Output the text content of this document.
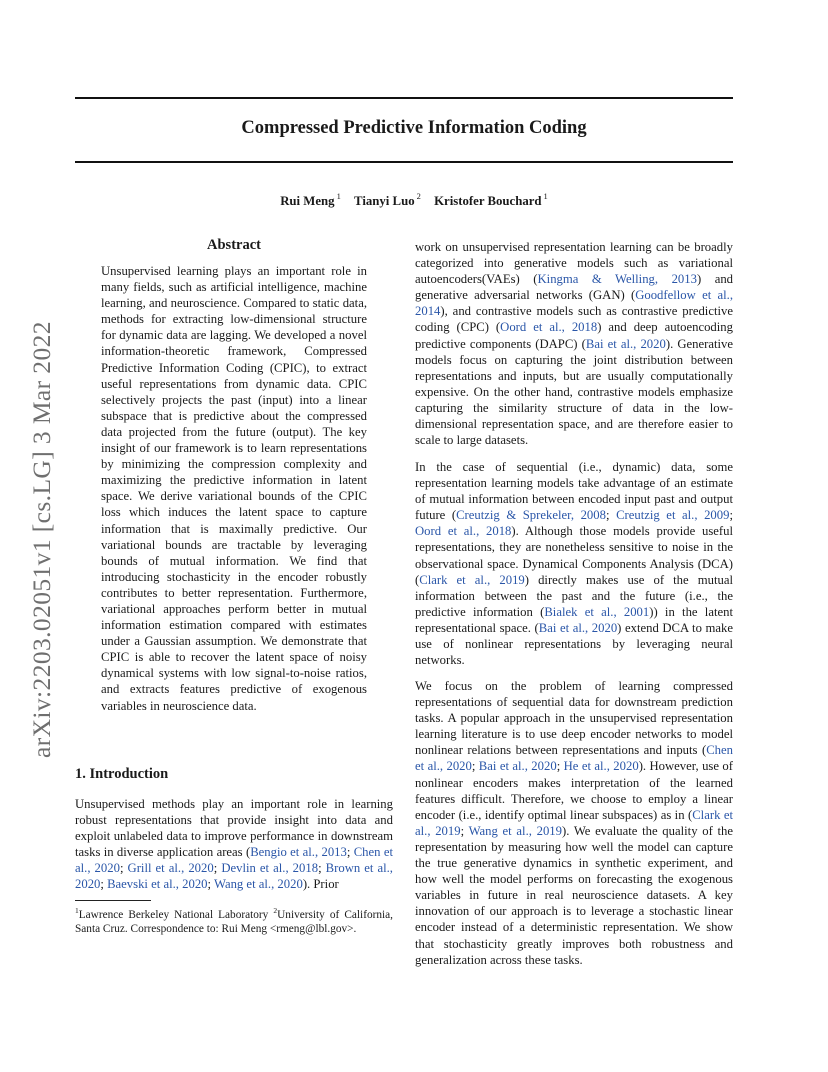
Compressed Predictive Information Coding
Rui Meng $^1$ Tianyi Luo $^2$ Kristofer Bouchard $^1$
arXiv:2203.02051v1 [cs.LG] 3 Mar 2022
Abstract
Unsupervised learning plays an important role in many fields, such as artificial intelligence, machine learning, and neuroscience. Compared to static data, methods for extracting low-dimensional structure for dynamic data are lagging. We developed a novel information-theoretic framework, Compressed Predictive Information Coding (CPIC), to extract useful representations from dynamic data. CPIC selectively projects the past (input) into a linear subspace that is predictive about the compressed data projected from the future (output). The key insight of our framework is to learn representations by minimizing the compression complexity and maximizing the predictive information in latent space. We derive variational bounds of the CPIC loss which induces the latent space to capture information that is maximally predictive. Our variational bounds are tractable by leveraging bounds of mutual information. We find that introducing stochasticity in the encoder robustly contributes to better representation. Furthermore, variational approaches perform better in mutual information estimation compared with estimates under a Gaussian assumption. We demonstrate that CPIC is able to recover the latent space of noisy dynamical systems with low signal-to-noise ratios, and extracts features predictive of exogenous variables in neuroscience data.
1. Introduction
Unsupervised methods play an important role in learning robust representations that provide insight into data and exploit unlabeled data to improve performance in downstream tasks in diverse application areas (Bengio et al., 2013; Chen et al., 2020; Grill et al., 2020; Devlin et al., 2018; Brown et al., 2020; Baevski et al., 2020; Wang et al., 2020). Prior
$^1$Lawrence Berkeley National Laboratory $^2$University of California, Santa Cruz. Correspondence to: Rui Meng <rmeng@lbl.gov>.
work on unsupervised representation learning can be broadly categorized into generative models such as variational autoencoders(VAEs) (Kingma & Welling, 2013) and generative adversarial networks (GAN) (Goodfellow et al., 2014), and contrastive models such as contrastive predictive coding (CPC) (Oord et al., 2018) and deep autoencoding predictive components (DAPC) (Bai et al., 2020). Generative models focus on capturing the joint distribution between representations and inputs, but are usually computationally expensive. On the other hand, contrastive models emphasize capturing the similarity structure of data in the low-dimensional representation space, and are therefore easier to scale to large datasets.
In the case of sequential (i.e., dynamic) data, some representation learning models take advantage of an estimate of mutual information between encoded input past and output future (Creutzig & Sprekeler, 2008; Creutzig et al., 2009; Oord et al., 2018). Although those models provide useful representations, they are nonetheless sensitive to noise in the observational space. Dynamical Components Analysis (DCA) (Clark et al., 2019) directly makes use of the mutual information between the past and the future (i.e., the predictive information (Bialek et al., 2001)) in the latent representational space. (Bai et al., 2020) extend DCA to make use of nonlinear representations by leveraging neural networks.
We focus on the problem of learning compressed representations of sequential data for downstream prediction tasks. A popular approach in the unsupervised representation learning literature is to use deep encoder networks to model nonlinear relations between representations and inputs (Chen et al., 2020; Bai et al., 2020; He et al., 2020). However, use of nonlinear encoders makes interpretation of the learned features difficult. Therefore, we choose to employ a linear encoder (i.e., identify optimal linear subspaces) as in (Clark et al., 2019; Wang et al., 2019). We evaluate the quality of the representation by measuring how well the model can capture the true generative dynamics in synthetic experiment, and how well the model performs on forecasting the exogenous variables in future in real neuroscience datasets. A key innovation of our approach is to leverage a stochastic linear encoder instead of a deterministic representation. We show that stochasticity greatly improves both robustness and generalization across these tasks.
